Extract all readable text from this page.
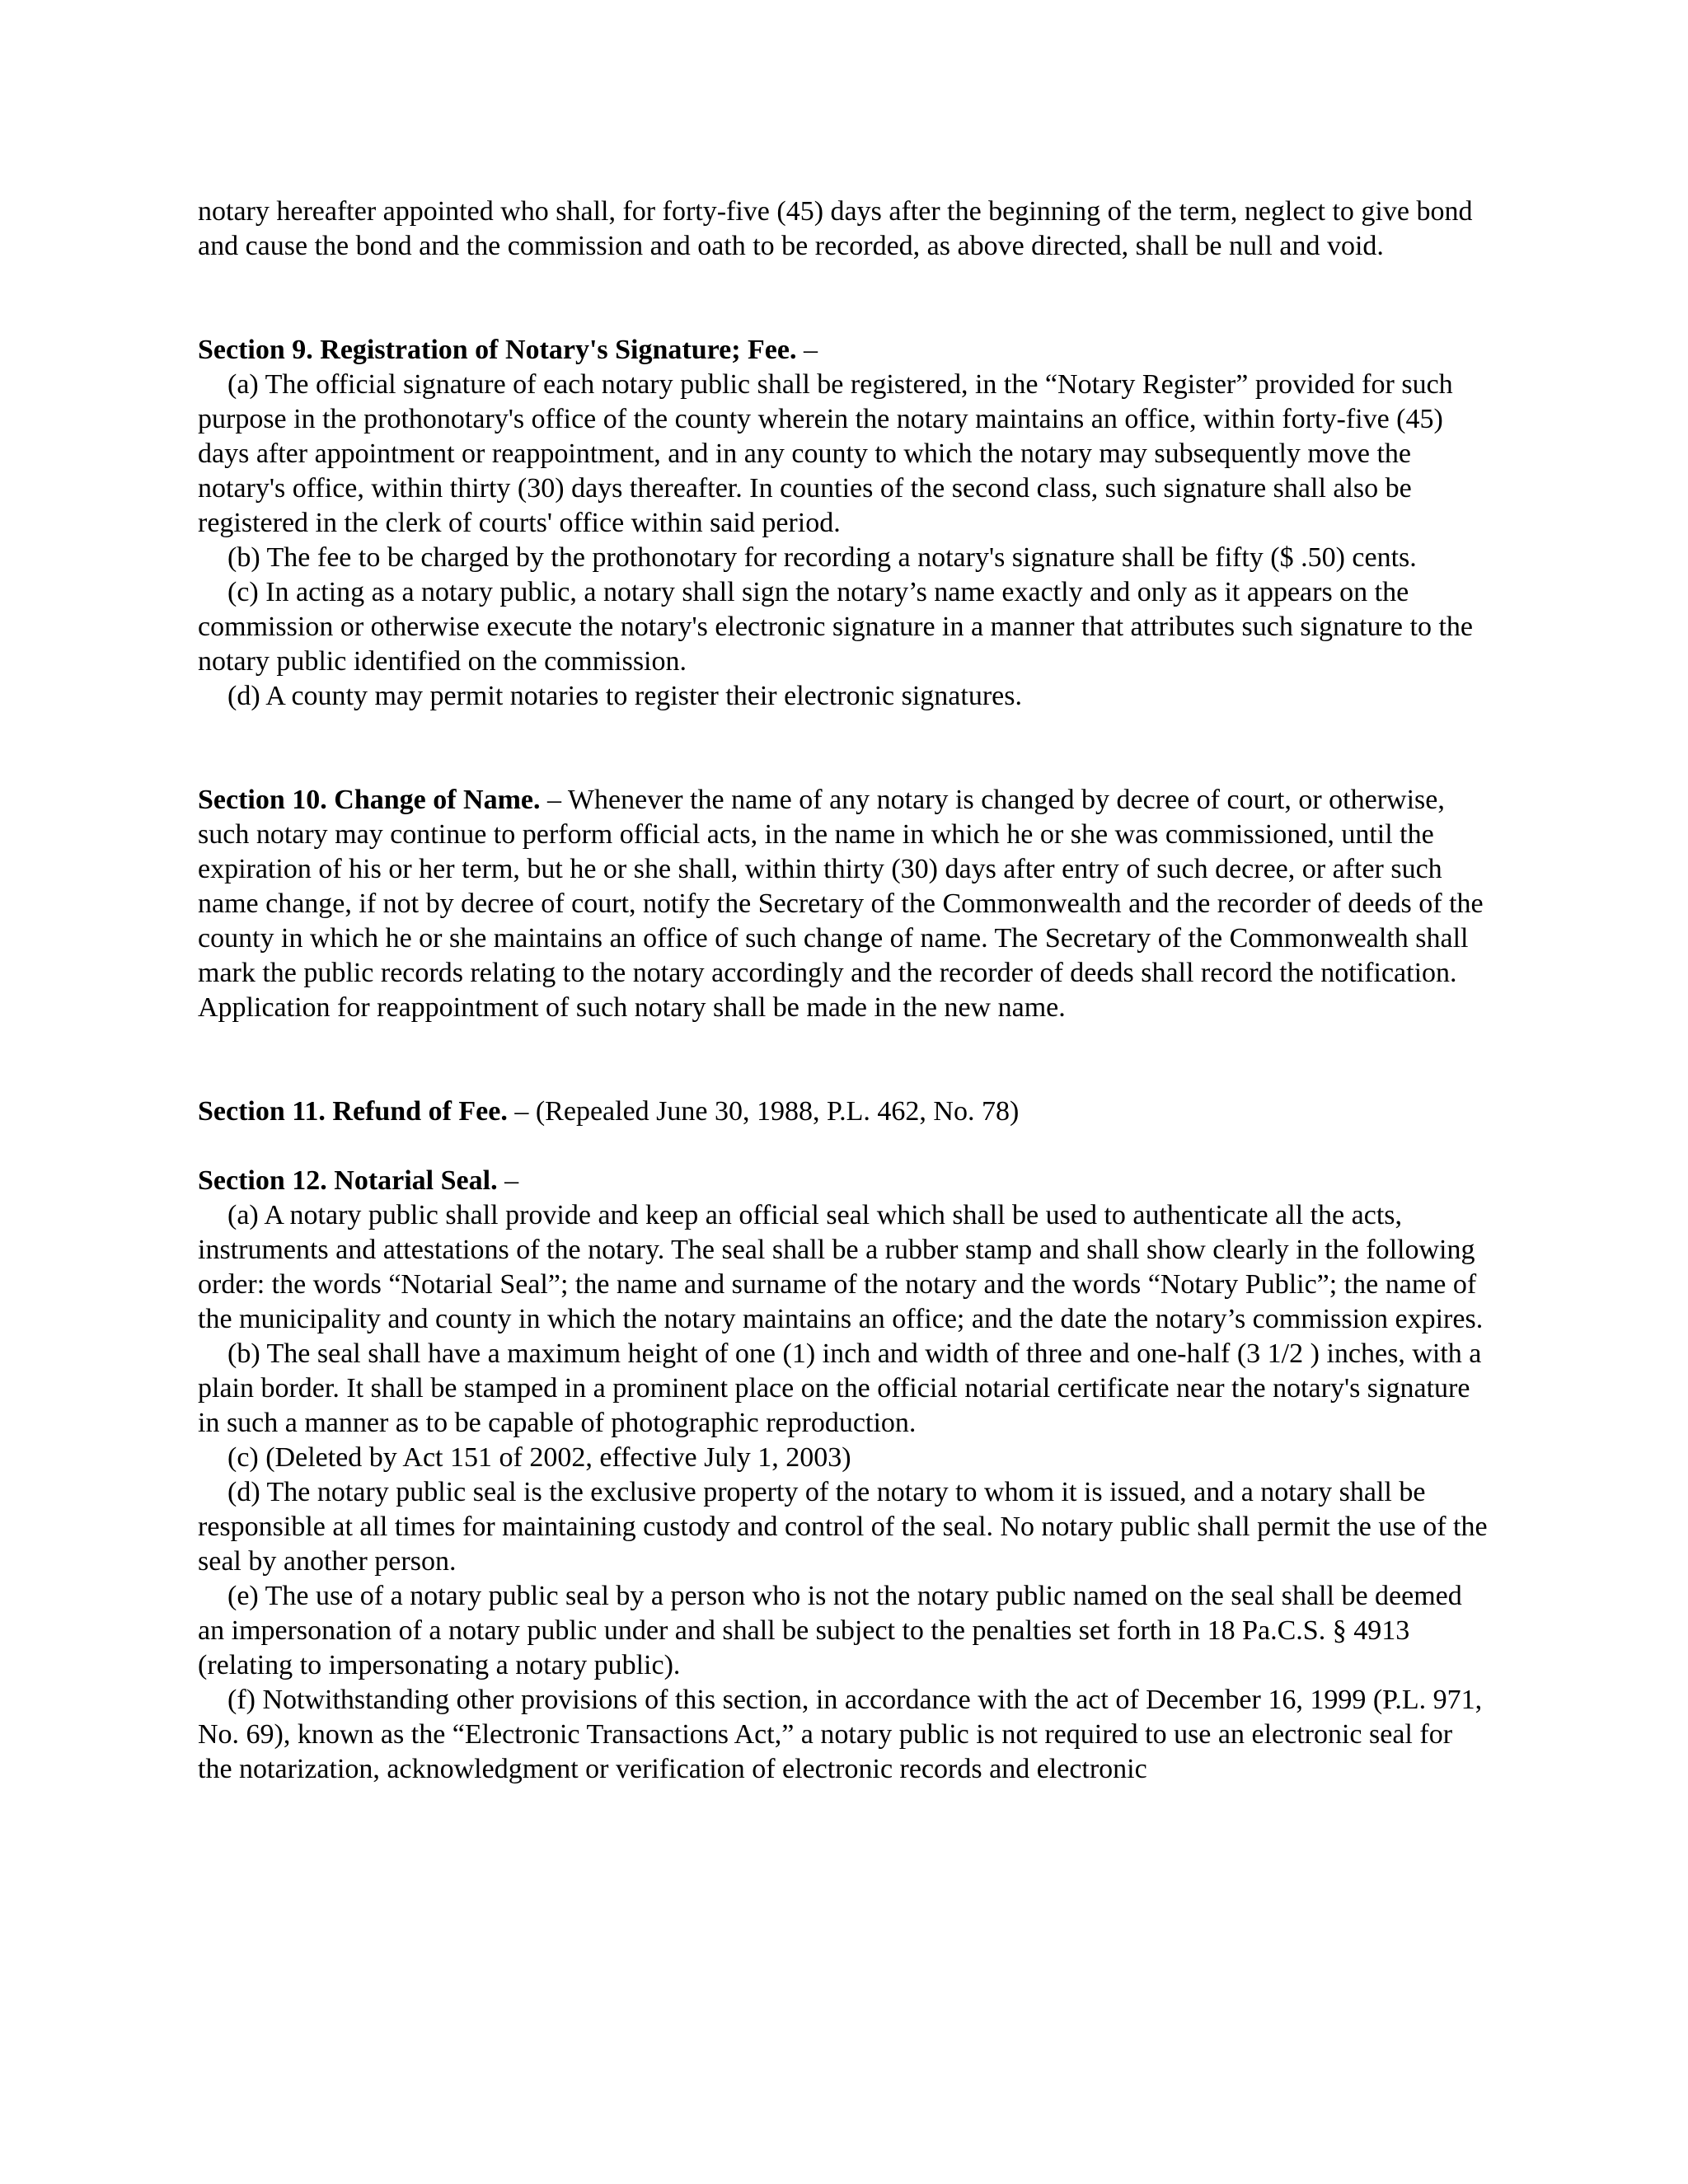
notary hereafter appointed who shall, for forty-five (45) days after the beginning of the term, neglect to give bond and cause the bond and the commission and oath to be recorded, as above directed, shall be null and void.

Section 9. Registration of Notary's Signature; Fee. –

(a) The official signature of each notary public shall be registered, in the “Notary Register” provided for such purpose in the prothonotary's office of the county wherein the notary maintains an office, within forty-five (45) days after appointment or reappointment, and in any county to which the notary may subsequently move the notary's office, within thirty (30) days thereafter. In counties of the second class, such signature shall also be registered in the clerk of courts' office within said period.

(b) The fee to be charged by the prothonotary for recording a notary's signature shall be fifty ($ .50) cents.

(c) In acting as a notary public, a notary shall sign the notary’s name exactly and only as it appears on the commission or otherwise execute the notary's electronic signature in a manner that attributes such signature to the notary public identified on the commission.

(d) A county may permit notaries to register their electronic signatures.

Section 10. Change of Name. – Whenever the name of any notary is changed by decree of court, or otherwise, such notary may continue to perform official acts, in the name in which he or she was commissioned, until the expiration of his or her term, but he or she shall, within thirty (30) days after entry of such decree, or after such name change, if not by decree of court, notify the Secretary of the Commonwealth and the recorder of deeds of the county in which he or she maintains an office of such change of name. The Secretary of the Commonwealth shall mark the public records relating to the notary accordingly and the recorder of deeds shall record the notification. Application for reappointment of such notary shall be made in the new name.

Section 11. Refund of Fee. – (Repealed June 30, 1988, P.L. 462, No. 78)

Section 12. Notarial Seal. –

(a) A notary public shall provide and keep an official seal which shall be used to authenticate all the acts, instruments and attestations of the notary. The seal shall be a rubber stamp and shall show clearly in the following order: the words “Notarial Seal”; the name and surname of the notary and the words “Notary Public”; the name of the municipality and county in which the notary maintains an office; and the date the notary’s commission expires.

(b) The seal shall have a maximum height of one (1) inch and width of three and one-half (3 1/2 ) inches, with a plain border. It shall be stamped in a prominent place on the official notarial certificate near the notary's signature in such a manner as to be capable of photographic reproduction.

(c) (Deleted by Act 151 of 2002, effective July 1, 2003)

(d) The notary public seal is the exclusive property of the notary to whom it is issued, and a notary shall be responsible at all times for maintaining custody and control of the seal. No notary public shall permit the use of the seal by another person.

(e) The use of a notary public seal by a person who is not the notary public named on the seal shall be deemed an impersonation of a notary public under and shall be subject to the penalties set forth in 18 Pa.C.S. § 4913 (relating to impersonating a notary public).

(f) Notwithstanding other provisions of this section, in accordance with the act of December 16, 1999 (P.L. 971, No. 69), known as the “Electronic Transactions Act,” a notary public is not required to use an electronic seal for the notarization, acknowledgment or verification of electronic records and electronic
